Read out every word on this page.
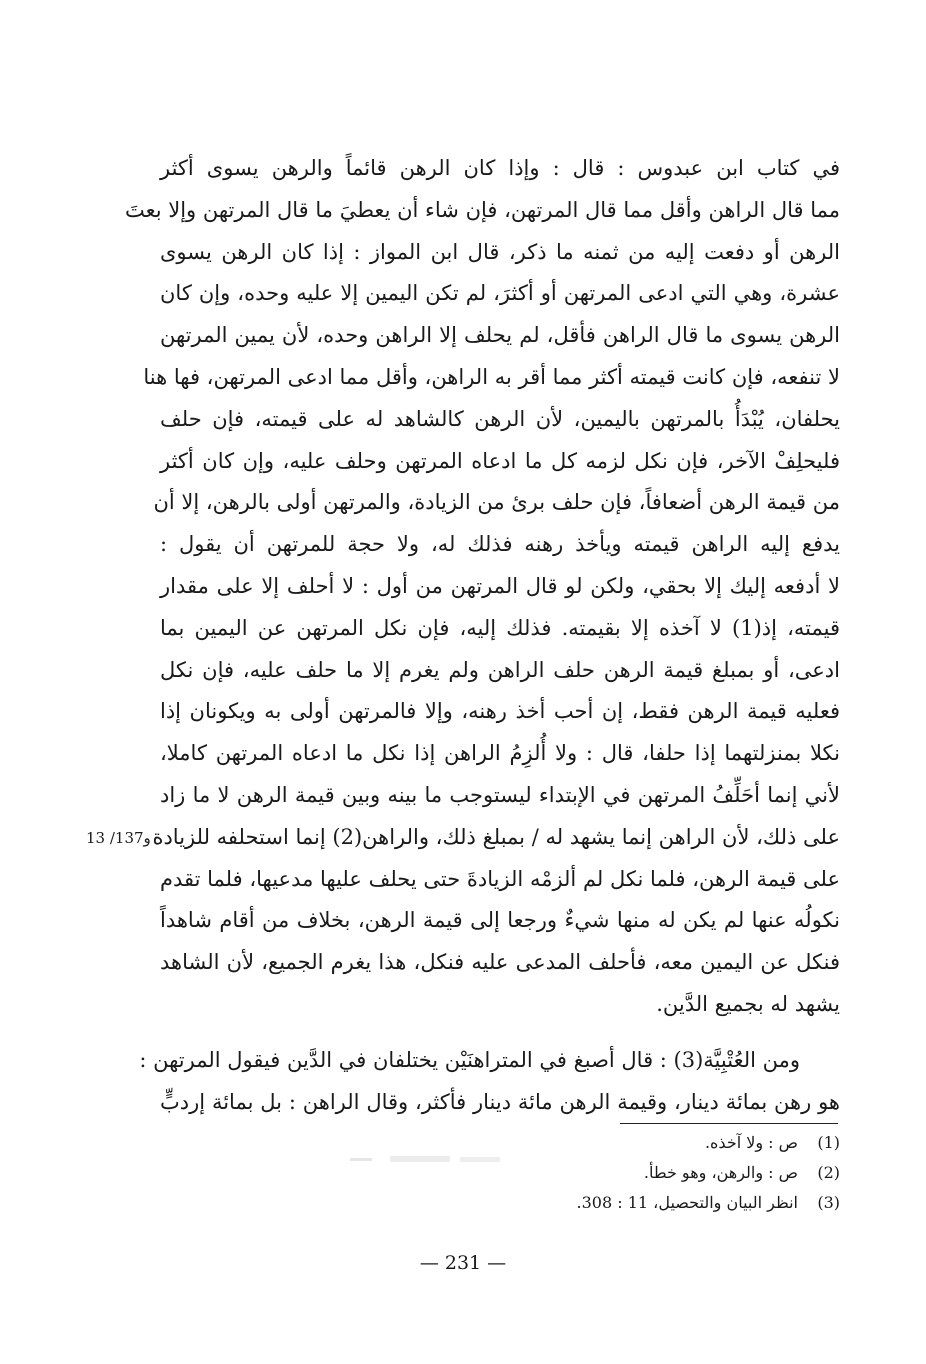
في كتاب ابن عبدوس : قال : وإذا كان الرهن قائماً والرهن يسوى أكثر
مما قال الراهن وأقل مما قال المرتهن، فإن شاء أن يعطيَ ما قال المرتهن وإلا بعتَ
الرهن أو دفعت إليه من ثمنه ما ذكر، قال ابن المواز : إذا كان الرهن يسوى
عشرة، وهي التي ادعى المرتهن أو أكثرَ، لم تكن اليمين إلا عليه وحده، وإن كان
الرهن يسوى ما قال الراهن فأقل، لم يحلف إلا الراهن وحده، لأن يمين المرتهن
لا تنفعه، فإن كانت قيمته أكثر مما أقر به الراهن، وأقل مما ادعى المرتهن، فها هنا
يحلفان، يُبْدَأُ بالمرتهن باليمين، لأن الرهن كالشاهد له على قيمته، فإن حلف
فليحلِفْ الآخر، فإن نكل لزمه كل ما ادعاه المرتهن وحلف عليه، وإن كان أكثر
من قيمة الرهن أضعافاً، فإن حلف برئ من الزيادة، والمرتهن أولى بالرهن، إلا أن
يدفع إليه الراهن قيمته ويأخذ رهنه فذلك له، ولا حجة للمرتهن أن يقول :
لا أدفعه إليك إلا بحقي، ولكن لو قال المرتهن من أول : لا أحلف إلا على مقدار
قيمته، إذ(1) لا آخذه إلا بقيمته. فذلك إليه، فإن نكل المرتهن عن اليمين بما
ادعى، أو بمبلغ قيمة الرهن حلف الراهن ولم يغرم إلا ما حلف عليه، فإن نكل
فعليه قيمة الرهن فقط، إن أحب أخذ رهنه، وإلا فالمرتهن أولى به ويكونان إذا
نكلا بمنزلتهما إذا حلفا، قال : ولا أُلزِمُ الراهن إذا نكل ما ادعاه المرتهن كاملا،
لأني إنما أحَلِّفُ المرتهن في الإبتداء ليستوجب ما بينه وبين قيمة الرهن لا ما زاد
على ذلك، لأن الراهن إنما يشهد له / بمبلغ ذلك، والراهن(2) إنما استحلفه للزيادة
على قيمة الرهن، فلما نكل لم ألزمْه الزيادةَ حتى يحلف عليها مدعيها، فلما تقدم
نكولُه عنها لم يكن له منها شيءٌ ورجعا إلى قيمة الرهن، بخلاف من أقام شاهداً
فنكل عن اليمين معه، فأحلف المدعى عليه فنكل، هذا يغرم الجميع، لأن الشاهد
يشهد له بجميع الدَّين.
13 /137و
ومن العُتْبِيَّة(3) : قال أصبغ في المتراهنَيْن يختلفان في الدَّين فيقول المرتهن :
هو رهن بمائة دينار، وقيمة الرهن مائة دينار فأكثر، وقال الراهن : بل بمائة إردبٍّ
(1)
ص : ولا آخذه.
(2)
ص : والرهن، وهو خطأ.
(3)
انظر البيان والتحصيل، 11 : 308.
— 231 —
